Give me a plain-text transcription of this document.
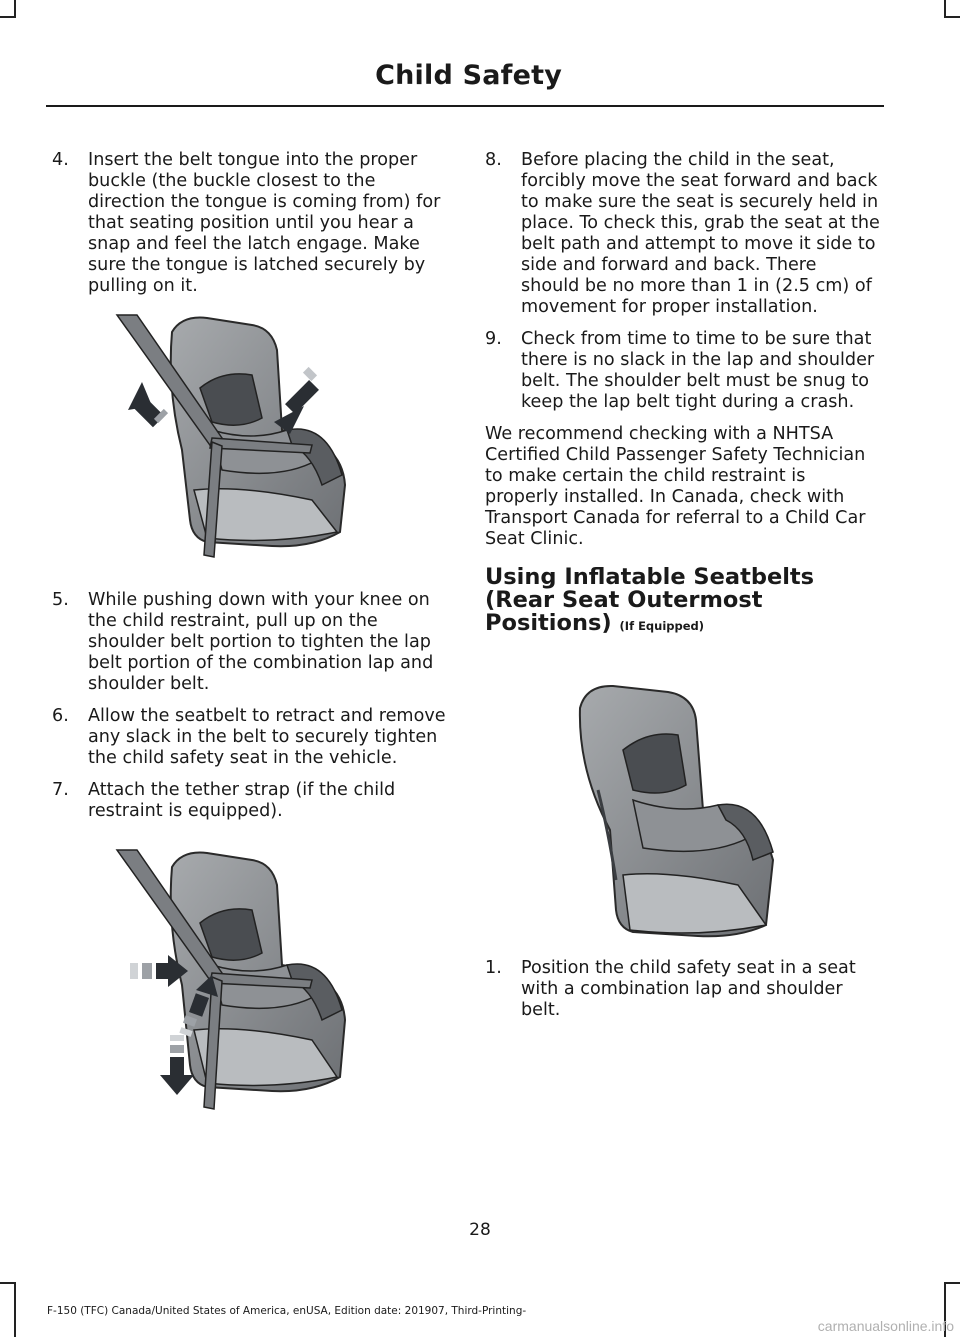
Child Safety

4. Insert the belt tongue into the proper buckle (the buckle closest to the direction the tongue is coming from) for that seating position until you hear a snap and feel the latch engage. Make sure the tongue is latched securely by pulling on it.

5. While pushing down with your knee on the child restraint, pull up on the shoulder belt portion to tighten the lap belt portion of the combination lap and shoulder belt.

6. Allow the seatbelt to retract and remove any slack in the belt to securely tighten the child safety seat in the vehicle.

7. Attach the tether strap (if the child restraint is equipped).

8. Before placing the child in the seat, forcibly move the seat forward and back to make sure the seat is securely held in place. To check this, grab the seat at the belt path and attempt to move it side to side and forward and back. There should be no more than 1 in (2.5 cm) of movement for proper installation.

9. Check from time to time to be sure that there is no slack in the lap and shoulder belt. The shoulder belt must be snug to keep the lap belt tight during a crash.

We recommend checking with a NHTSA Certified Child Passenger Safety Technician to make certain the child restraint is properly installed. In Canada, check with Transport Canada for referral to a Child Car Seat Clinic.

Using Inflatable Seatbelts (Rear Seat Outermost Positions) (If Equipped)

1. Position the child safety seat in a seat with a combination lap and shoulder belt.

28
F-150 (TFC) Canada/United States of America, enUSA, Edition date: 201907, Third-Printing-
carmanualsonline.info
